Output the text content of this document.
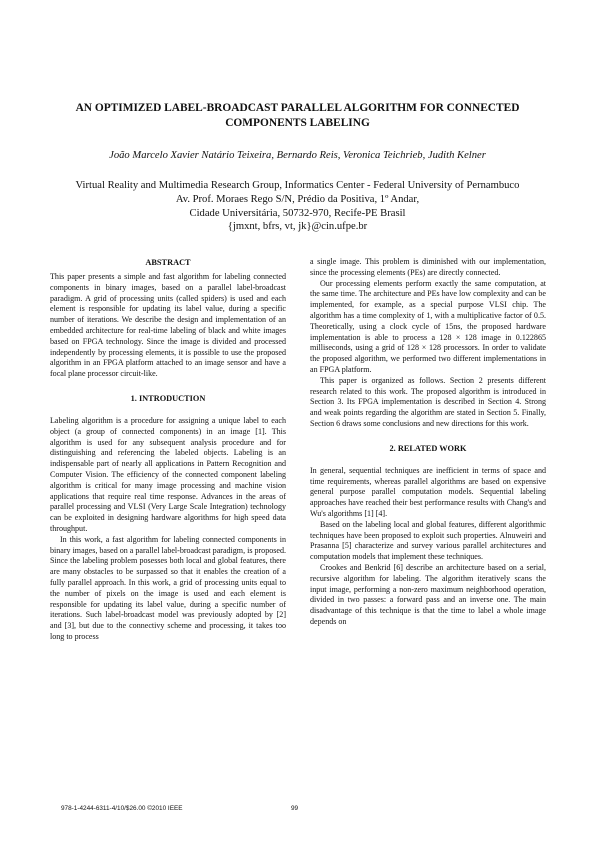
AN OPTIMIZED LABEL-BROADCAST PARALLEL ALGORITHM FOR CONNECTED
COMPONENTS LABELING
João Marcelo Xavier Natário Teixeira, Bernardo Reis, Veronica Teichrieb, Judith Kelner
Virtual Reality and Multimedia Research Group, Informatics Center - Federal University of Pernambuco
Av. Prof. Moraes Rego S/N, Prédio da Positiva, 1º Andar,
Cidade Universitária, 50732-970, Recife-PE Brasil
{jmxnt, bfrs, vt, jk}@cin.ufpe.br
ABSTRACT

This paper presents a simple and fast algorithm for labeling connected components in binary images, based on a parallel label-broadcast paradigm. A grid of processing units (called spiders) is used and each element is responsible for updating its label value, during a specific number of iterations. We describe the design and implementation of an embedded architecture for real-time labeling of black and white images based on FPGA technology. Since the image is divided and processed independently by processing elements, it is possible to use the proposed algorithm in an FPGA platform attached to an image sensor and have a focal plane processor circuit-like.

1. INTRODUCTION

Labeling algorithm is a procedure for assigning a unique label to each object (a group of connected components) in an image [1]. This algorithm is used for any subsequent analysis procedure and for distinguishing and referencing the labeled objects. Labeling is an indispensable part of nearly all applications in Pattern Recognition and Computer Vision. The efficiency of the connected component labeling algorithm is critical for many image processing and machine vision applications that require real time response. Advances in the areas of parallel processing and VLSI (Very Large Scale Integration) technology can be exploited in designing hardware algorithms for high speed data throughput.

In this work, a fast algorithm for labeling connected components in binary images, based on a parallel label-broadcast paradigm, is proposed. Since the labeling problem posesses both local and global features, there are many obstacles to be surpassed so that it enables the creation of a fully parallel approach. In this work, a grid of processing units equal to the number of pixels on the image is used and each element is responsible for updating its label value, during a specific number of iterations. Such label-broadcast model was previously adopted by [2] and [3], but due to the connectivy scheme and processing, it takes too long to process

a single image. This problem is diminished with our implementation, since the processing elements (PEs) are directly connected.

Our processing elements perform exactly the same computation, at the same time. The architecture and PEs have low complexity and can be implemented, for example, as a special purpose VLSI chip. The algorithm has a time complexity of 1, with a multiplicative factor of 0.5. Theoretically, using a clock cycle of 15ns, the proposed hardware implementation is able to process a 128 × 128 image in 0.122865 milliseconds, using a grid of 128 × 128 processors. In order to validate the proposed algorithm, we performed two different implementations in an FPGA platform.

This paper is organized as follows. Section 2 presents different research related to this work. The proposed algorithm is introduced in Section 3. Its FPGA implementation is described in Section 4. Strong and weak points regarding the algorithm are stated in Section 5. Finally, Section 6 draws some conclusions and new directions for this work.

2. RELATED WORK

In general, sequential techniques are inefficient in terms of space and time requirements, whereas parallel algorithms are based on expensive general purpose parallel computation models. Sequential labeling approaches have reached their best performance results with Chang's and Wu's algorithms [1] [4].

Based on the labeling local and global features, different algorithmic techniques have been proposed to exploit such properties. Alnuweiri and Prasanna [5] characterize and survey various parallel architectures and computation models that implement these techniques.

Crookes and Benkrid [6] describe an architecture based on a serial, recursive algorithm for labeling. The algorithm iteratively scans the input image, performing a non-zero maximum neighborhood operation, divided in two passes: a forward pass and an inverse one. The main disadvantage of this technique is that the time to label a whole image depends on

978-1-4244-6311-4/10/$26.00 ©2010 IEEE	99
